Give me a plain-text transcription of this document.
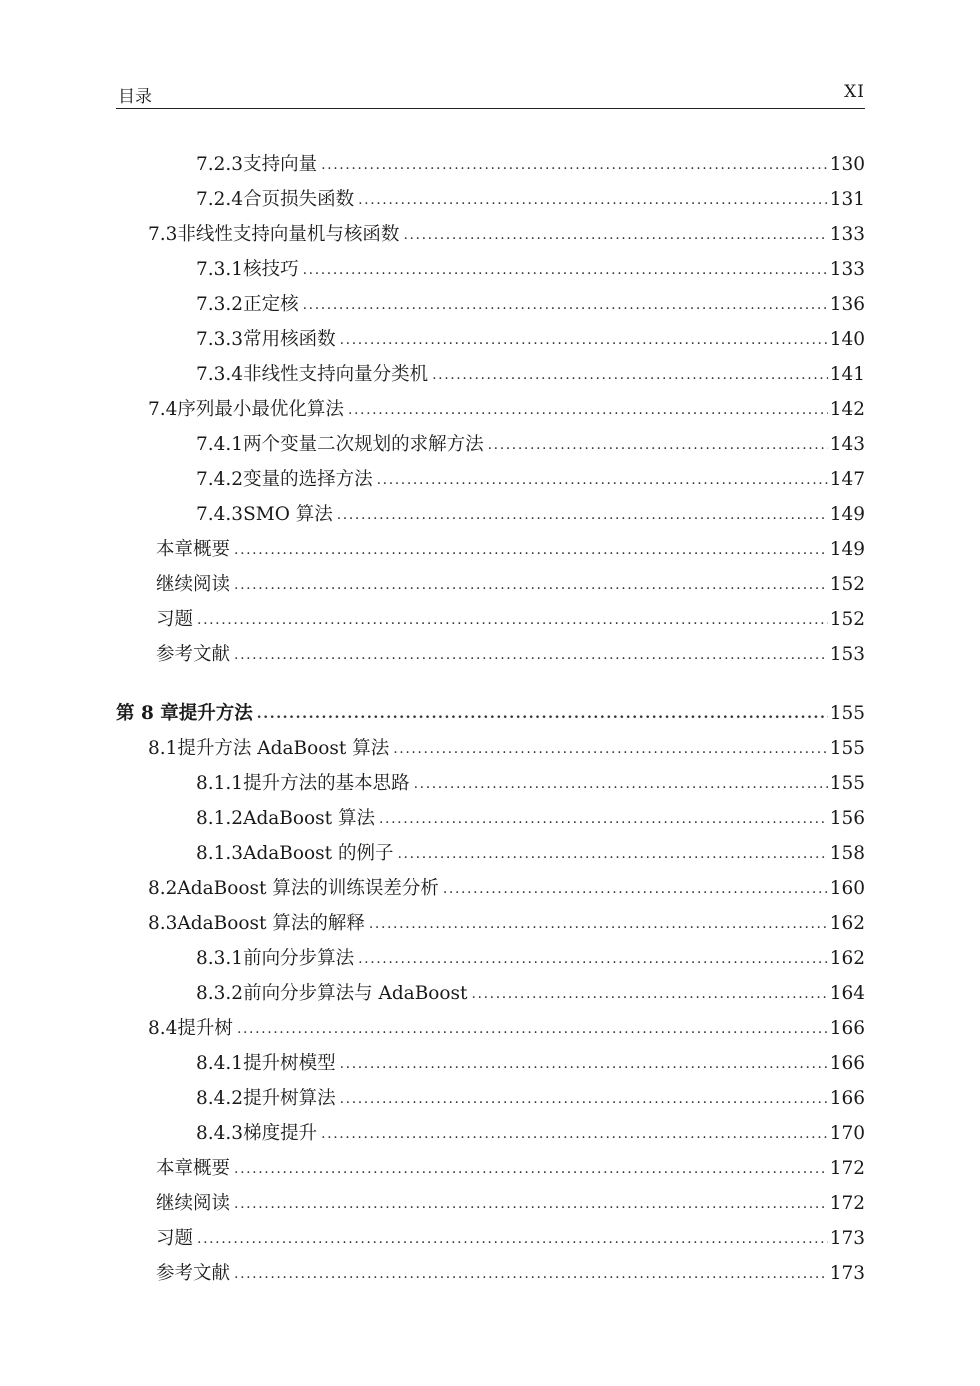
目录	XI
7.2.3 支持向量 .....	130
7.2.4 合页损失函数 .....	131
7.3 非线性支持向量机与核函数 .....	133
7.3.1 核技巧 .....	133
7.3.2 正定核 .....	136
7.3.3 常用核函数 .....	140
7.3.4 非线性支持向量分类机 .....	141
7.4 序列最小最优化算法 .....	142
7.4.1 两个变量二次规划的求解方法 .....	143
7.4.2 变量的选择方法 .....	147
7.4.3 SMO 算法 .....	149
本章概要 .....	149
继续阅读 .....	152
习题 .....	152
参考文献 .....	153
第 8 章 提升方法 .....	155
8.1 提升方法 AdaBoost 算法 .....	155
8.1.1 提升方法的基本思路 .....	155
8.1.2 AdaBoost 算法 .....	156
8.1.3 AdaBoost 的例子 .....	158
8.2 AdaBoost 算法的训练误差分析 .....	160
8.3 AdaBoost 算法的解释 .....	162
8.3.1 前向分步算法 .....	162
8.3.2 前向分步算法与 AdaBoost .....	164
8.4 提升树 .....	166
8.4.1 提升树模型 .....	166
8.4.2 提升树算法 .....	166
8.4.3 梯度提升 .....	170
本章概要 .....	172
继续阅读 .....	172
习题 .....	173
参考文献 .....	173
